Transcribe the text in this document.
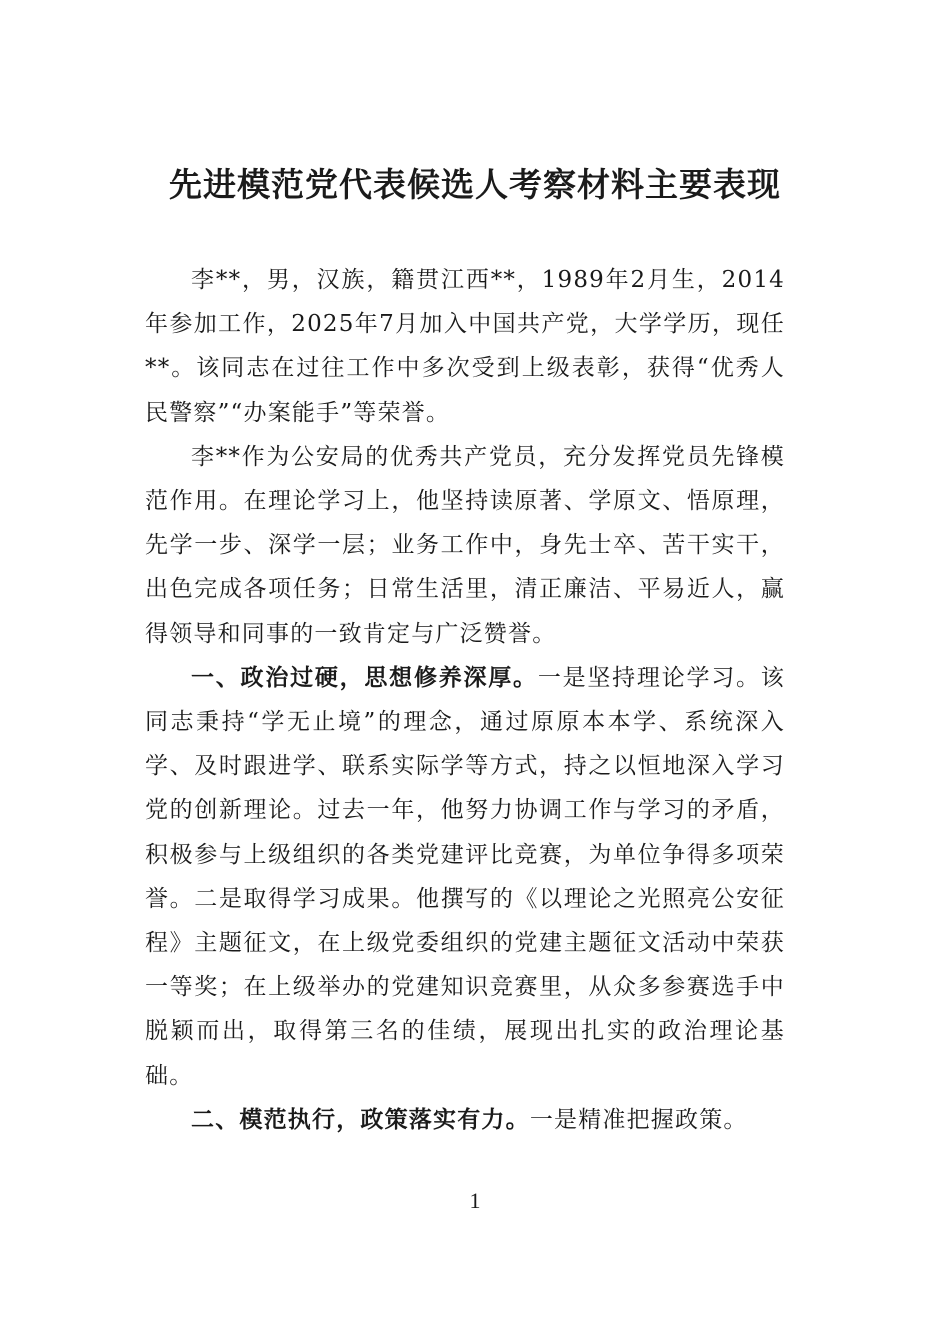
先进模范党代表候选人考察材料主要表现

李**，男，汉族，籍贯江西**，1989年2月生，2014年参加工作，2025年7月加入中国共产党，大学学历，现任**。该同志在过往工作中多次受到上级表彰，获得“优秀人民警察”“办案能手”等荣誉。

李**作为公安局的优秀共产党员，充分发挥党员先锋模范作用。在理论学习上，他坚持读原著、学原文、悟原理，先学一步、深学一层；业务工作中，身先士卒、苦干实干，出色完成各项任务；日常生活里，清正廉洁、平易近人，赢得领导和同事的一致肯定与广泛赞誉。

一、政治过硬，思想修养深厚。一是坚持理论学习。该同志秉持“学无止境”的理念，通过原原本本学、系统深入学、及时跟进学、联系实际学等方式，持之以恒地深入学习党的创新理论。过去一年，他努力协调工作与学习的矛盾，积极参与上级组织的各类党建评比竞赛，为单位争得多项荣誉。二是取得学习成果。他撰写的《以理论之光照亮公安征程》主题征文，在上级党委组织的党建主题征文活动中荣获一等奖；在上级举办的党建知识竞赛里，从众多参赛选手中脱颖而出，取得第三名的佳绩，展现出扎实的政治理论基础。

二、模范执行，政策落实有力。一是精准把握政策。

1
